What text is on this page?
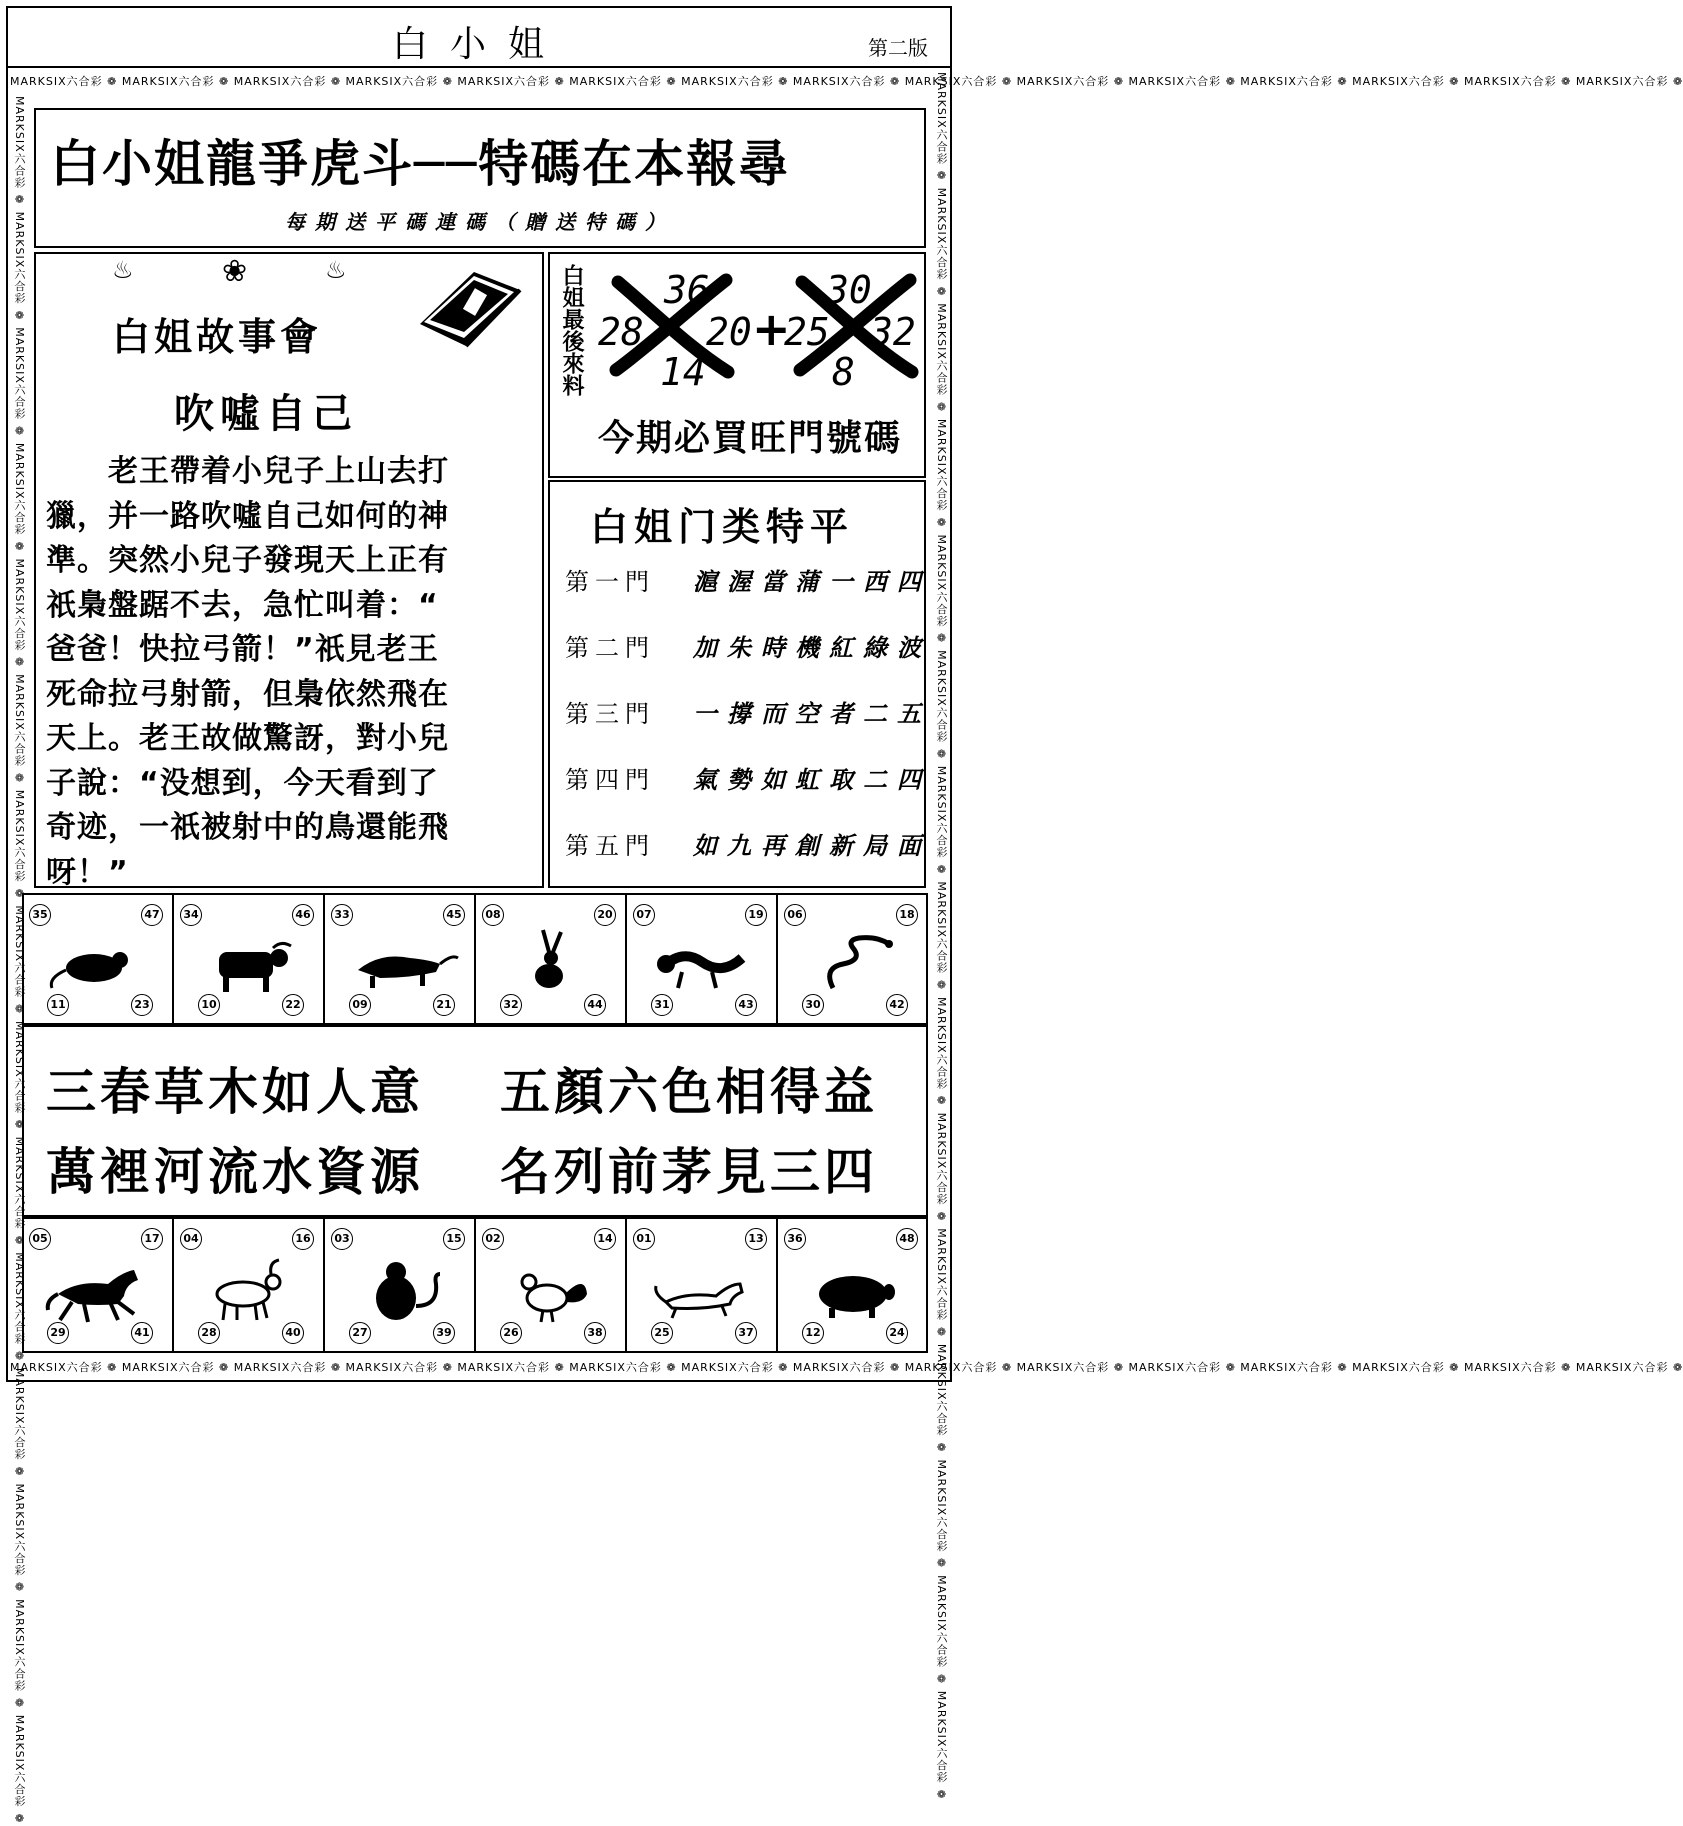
白小姐	第二版
MARKSIX六合彩 ❁ MARKSIX六合彩 ❁ MARKSIX六合彩 ❁ MARKSIX六合彩 ❁ MARKSIX六合彩 ❁ MARKSIX六合彩 ❁ MARKSIX六合彩 ❁ MARKSIX六合彩 ❁ MARKSIX六合彩 ❁ MARKSIX六合彩 ❁ MARKSIX六合彩 ❁ MARKSIX六合彩 ❁ MARKSIX六合彩 ❁ MARKSIX六合彩 ❁ MARKSIX六合彩 ❁
MARKSIX六合彩 ❁ MARKSIX六合彩 ❁ MARKSIX六合彩 ❁ MARKSIX六合彩 ❁ MARKSIX六合彩 ❁ MARKSIX六合彩 ❁ MARKSIX六合彩 ❁ MARKSIX六合彩 ❁ MARKSIX六合彩 ❁ MARKSIX六合彩 ❁ MARKSIX六合彩 ❁ MARKSIX六合彩 ❁ MARKSIX六合彩 ❁ MARKSIX六合彩 ❁ MARKSIX六合彩 ❁
MARKSIX六合彩 ❁ MARKSIX六合彩 ❁ MARKSIX六合彩 ❁ MARKSIX六合彩 ❁ MARKSIX六合彩 ❁ MARKSIX六合彩 ❁ MARKSIX六合彩 ❁ MARKSIX六合彩 ❁ MARKSIX六合彩 ❁ MARKSIX六合彩 ❁ MARKSIX六合彩 ❁ MARKSIX六合彩 ❁ MARKSIX六合彩 ❁ MARKSIX六合彩 ❁ MARKSIX六合彩 ❁
MARKSIX六合彩 ❁ MARKSIX六合彩 ❁ MARKSIX六合彩 ❁ MARKSIX六合彩 ❁ MARKSIX六合彩 ❁ MARKSIX六合彩 ❁ MARKSIX六合彩 ❁ MARKSIX六合彩 ❁ MARKSIX六合彩 ❁ MARKSIX六合彩 ❁ MARKSIX六合彩 ❁ MARKSIX六合彩 ❁ MARKSIX六合彩 ❁ MARKSIX六合彩 ❁ MARKSIX六合彩 ❁
白小姐龍爭虎斗──特碼在本報尋
每期送平碼連碼（贈送特碼）
♨	❀	♨
白姐故事會
吹噓自己
　　老王帶着小兒子上山去打
獵，并一路吹噓自己如何的神
準。突然小兒子發現天上正有
祇梟盤踞不去，急忙叫着：“
爸爸！快拉弓箭！”祇見老王
死命拉弓射箭，但梟依然飛在
天上。老王故做驚訝，對小兒
子說：“没想到，今天看到了
奇迹，一祇被射中的鳥還能飛
呀！”
白姐最後來料 36
28
14
20 +
25
30
32
8
今期必買旺門號碼
白姐门类特平
第一門 滬渥當蒲一西四
第二門 加朱時機紅綠波
第三門 一撐而空者二五
第四門 氣勢如虹取二四
第五門 如九再創新局面
三春草木如人意
萬裡河流水資源
五顏六色相得益
名列前茅見三四
35	47
11	23
34	46
10	22
33	45
09	21
08	20
32	44
07	19
31	43
06	18
30	42
05	17
29	41
04	16
28	40
03	15
27	39
02	14
26	38
01	13
25	37
36	48
12	24
